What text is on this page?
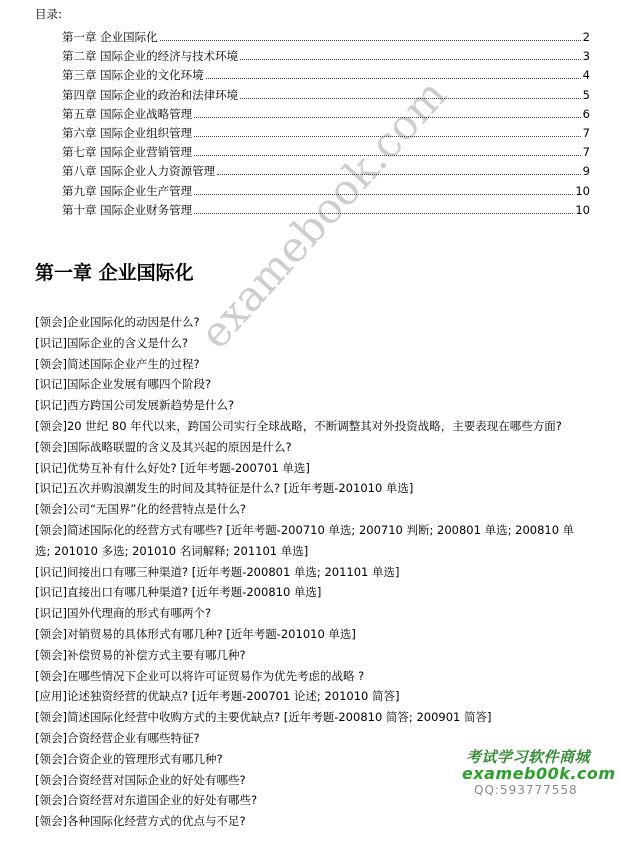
目录:
第一章 企业国际化	2
第二章 国际企业的经济与技术环境	3
第三章 国际企业的文化环境	4
第四章 国际企业的政治和法律环境	5
第五章 国际企业战略管理	6
第六章 国际企业组织管理	7
第七章 国际企业营销管理	7
第八章 国际企业人力资源管理	9
第九章 国际企业生产管理	10
第十章 国际企业财务管理	10
第一章 企业国际化
examebook.com
[领会]企业国际化的动因是什么?
[识记]国际企业的含义是什么?
[领会]简述国际企业产生的过程?
[识记]国际企业发展有哪四个阶段?
[识记]西方跨国公司发展新趋势是什么?
[领会]20 世纪 80 年代以来，跨国公司实行全球战略，不断调整其对外投资战略，主要表现在哪些方面?
[领会]国际战略联盟的含义及其兴起的原因是什么?
[识记]优势互补有什么好处? [近年考题-200701 单选]
[识记]五次并购浪潮发生的时间及其特征是什么? [近年考题-201010 单选]
[领会]公司“无国界”化的经营特点是什么?
[领会]简述国际化的经营方式有哪些? [近年考题-200710 单选; 200710 判断; 200801 单选; 200810 单选; 201010 多选; 201010 名词解释; 201101 单选]
[识记]间接出口有哪三种渠道? [近年考题-200801 单选; 201101 单选]
[识记]直接出口有哪几种渠道? [近年考题-200810 单选]
[识记]国外代理商的形式有哪两个?
[领会]对销贸易的具体形式有哪几种? [近年考题-201010 单选]
[领会]补偿贸易的补偿方式主要有哪几种?
[领会]在哪些情况下企业可以将许可证贸易作为优先考虑的战略 ?
[应用]论述独资经营的优缺点? [近年考题-200701 论述; 201010 简答]
[领会]简述国际化经营中收购方式的主要优缺点? [近年考题-200810 简答; 200901 简答]
[领会]合资经营企业有哪些特征?
[领会]合资企业的管理形式有哪几种?
[领会]合资经营对国际企业的好处有哪些?
[领会]合资经营对东道国企业的好处有哪些?
[领会]各种国际化经营方式的优点与不足?
考试学习软件商城
exameb00k.com
QQ:593777558
